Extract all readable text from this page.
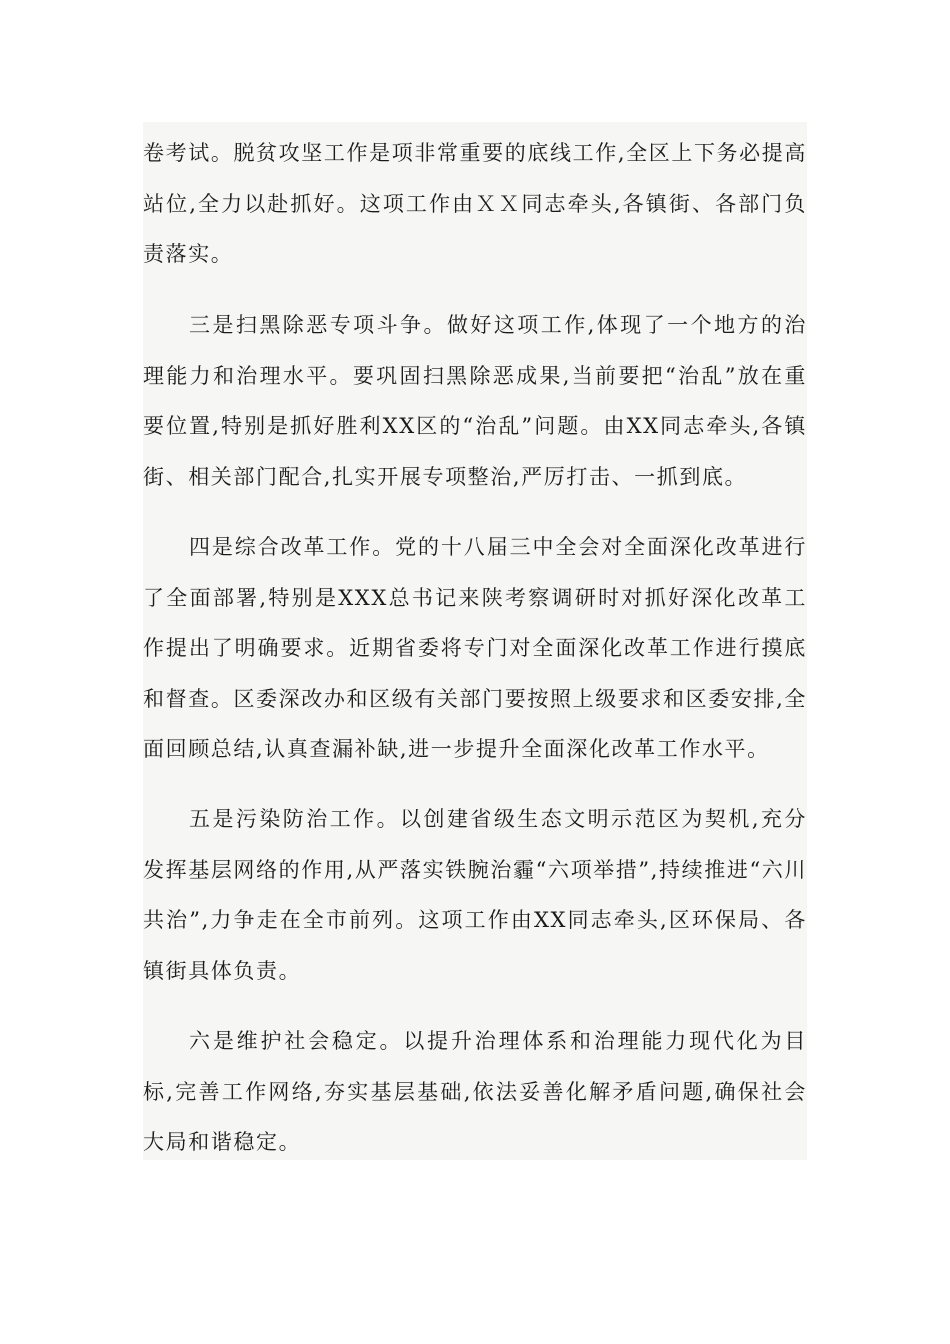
卷考试。脱贫攻坚工作是项非常重要的底线工作,全区上下务必提高站位,全力以赴抓好。这项工作由ＸＸ同志牵头,各镇街、各部门负责落实。

三是扫黑除恶专项斗争。做好这项工作,体现了一个地方的治理能力和治理水平。要巩固扫黑除恶成果,当前要把“治乱”放在重要位置,特别是抓好胜利XX区的“治乱”问题。由XX同志牵头,各镇街、相关部门配合,扎实开展专项整治,严厉打击、一抓到底。

四是综合改革工作。党的十八届三中全会对全面深化改革进行了全面部署,特别是XXX总书记来陕考察调研时对抓好深化改革工作提出了明确要求。近期省委将专门对全面深化改革工作进行摸底和督查。区委深改办和区级有关部门要按照上级要求和区委安排,全面回顾总结,认真查漏补缺,进一步提升全面深化改革工作水平。

五是污染防治工作。以创建省级生态文明示范区为契机,充分发挥基层网络的作用,从严落实铁腕治霾“六项举措”,持续推进“六川共治”,力争走在全市前列。这项工作由XX同志牵头,区环保局、各镇街具体负责。

六是维护社会稳定。以提升治理体系和治理能力现代化为目标,完善工作网络,夯实基层基础,依法妥善化解矛盾问题,确保社会大局和谐稳定。
